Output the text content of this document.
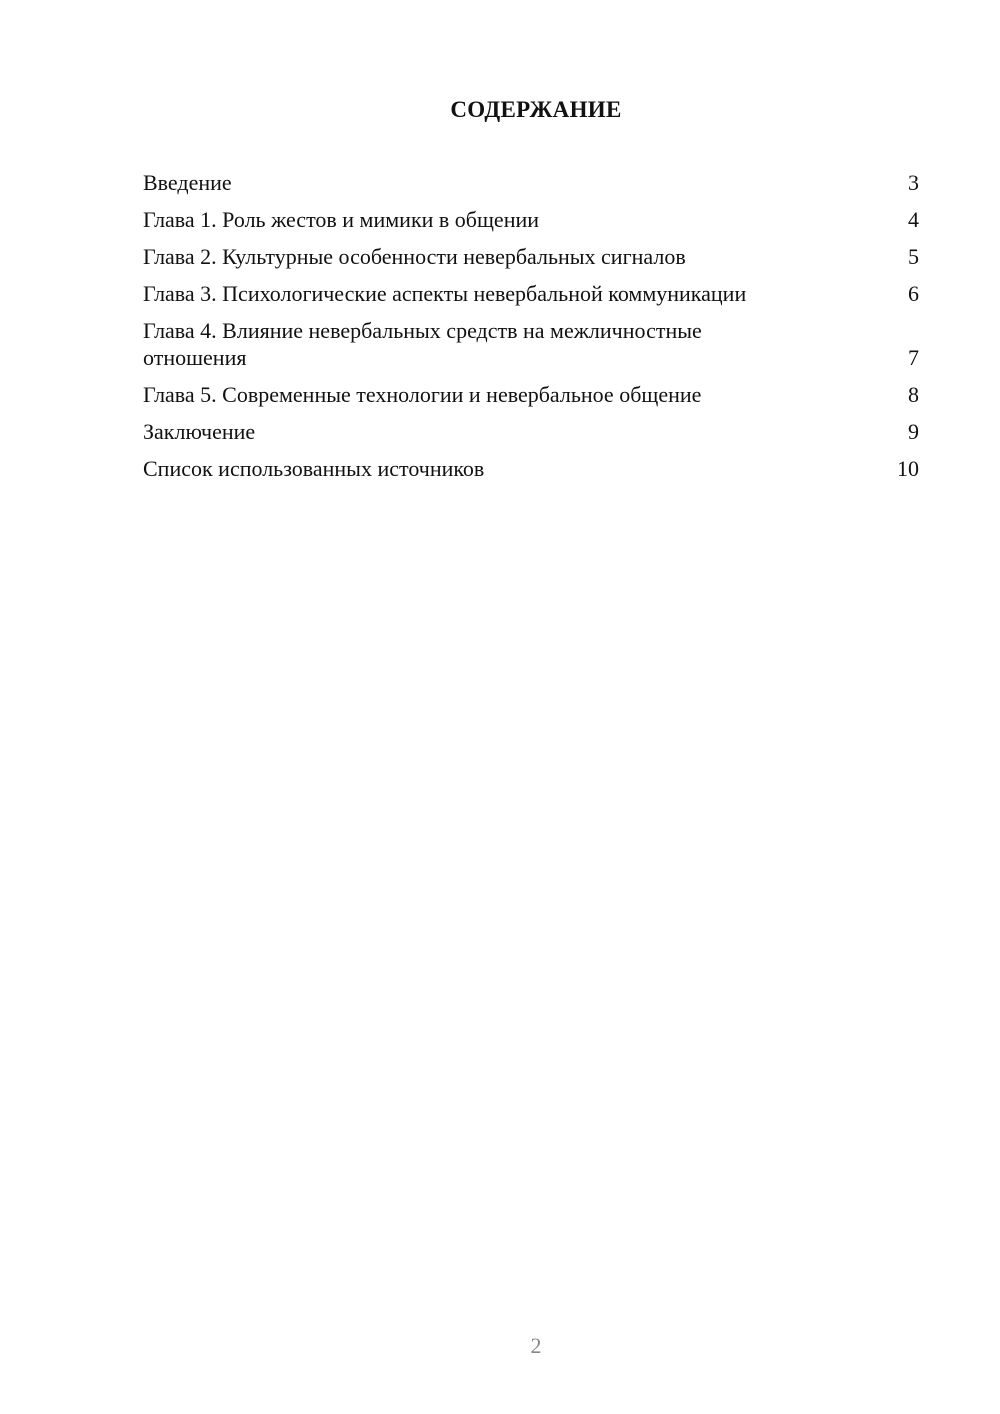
СОДЕРЖАНИЕ
Введение	3
Глава 1. Роль жестов и мимики в общении	4
Глава 2. Культурные особенности невербальных сигналов	5
Глава 3. Психологические аспекты невербальной коммуникации	6
Глава 4. Влияние невербальных средств на межличностные отношения	7
Глава 5. Современные технологии и невербальное общение	8
Заключение	9
Список использованных источников	10
2
